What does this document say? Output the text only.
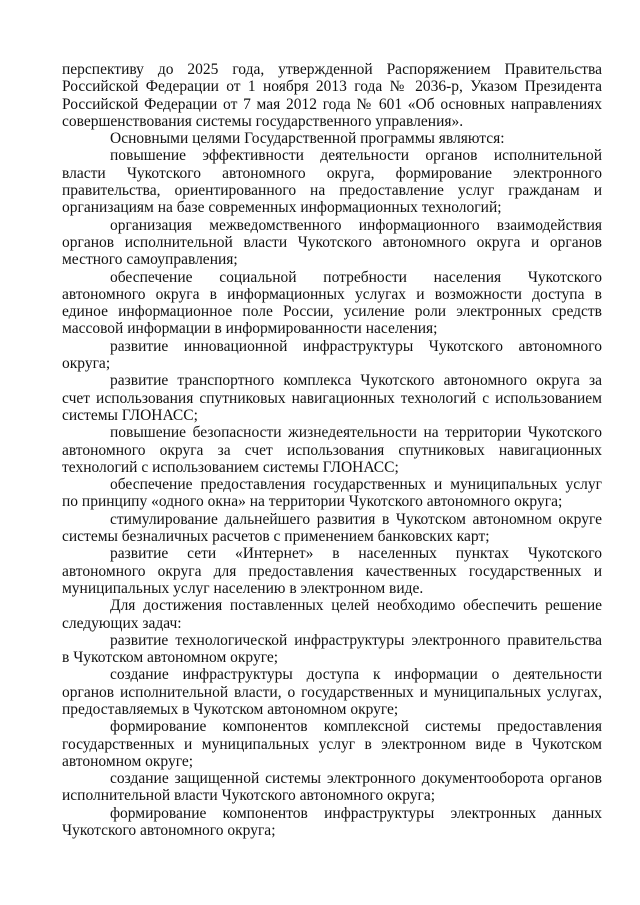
перспективу до 2025 года, утвержденной Распоряжением Правительства
Российской Федерации от 1 ноября 2013 года № 2036-р, Указом Президента
Российской Федерации от 7 мая 2012 года № 601 «Об основных направлениях
совершенствования системы государственного управления».
Основными целями Государственной программы являются:
повышение эффективности деятельности органов исполнительной
власти Чукотского автономного округа, формирование электронного
правительства, ориентированного на предоставление услуг гражданам и
организациям на базе современных информационных технологий;
организация межведомственного информационного взаимодействия
органов исполнительной власти Чукотского автономного округа и органов
местного самоуправления;
обеспечение социальной потребности населения Чукотского
автономного округа в информационных услугах и возможности доступа в
единое информационное поле России, усиление роли электронных средств
массовой информации в информированности населения;
развитие инновационной инфраструктуры Чукотского автономного
округа;
развитие транспортного комплекса Чукотского автономного округа за
счет использования спутниковых навигационных технологий с использованием
системы ГЛОНАСС;
повышение безопасности жизнедеятельности на территории Чукотского
автономного округа за счет использования спутниковых навигационных
технологий с использованием системы ГЛОНАСС;
обеспечение предоставления государственных и муниципальных услуг
по принципу «одного окна» на территории Чукотского автономного округа;
стимулирование дальнейшего развития в Чукотском автономном округе
системы безналичных расчетов с применением банковских карт;
развитие сети «Интернет» в населенных пунктах Чукотского
автономного округа для предоставления качественных государственных и
муниципальных услуг населению в электронном виде.
Для достижения поставленных целей необходимо обеспечить решение
следующих задач:
развитие технологической инфраструктуры электронного правительства
в Чукотском автономном округе;
создание инфраструктуры доступа к информации о деятельности
органов исполнительной власти, о государственных и муниципальных услугах,
предоставляемых в Чукотском автономном округе;
формирование компонентов комплексной системы предоставления
государственных и муниципальных услуг в электронном виде в Чукотском
автономном округе;
создание защищенной системы электронного документооборота органов
исполнительной власти Чукотского автономного округа;
формирование компонентов инфраструктуры электронных данных
Чукотского автономного округа;
